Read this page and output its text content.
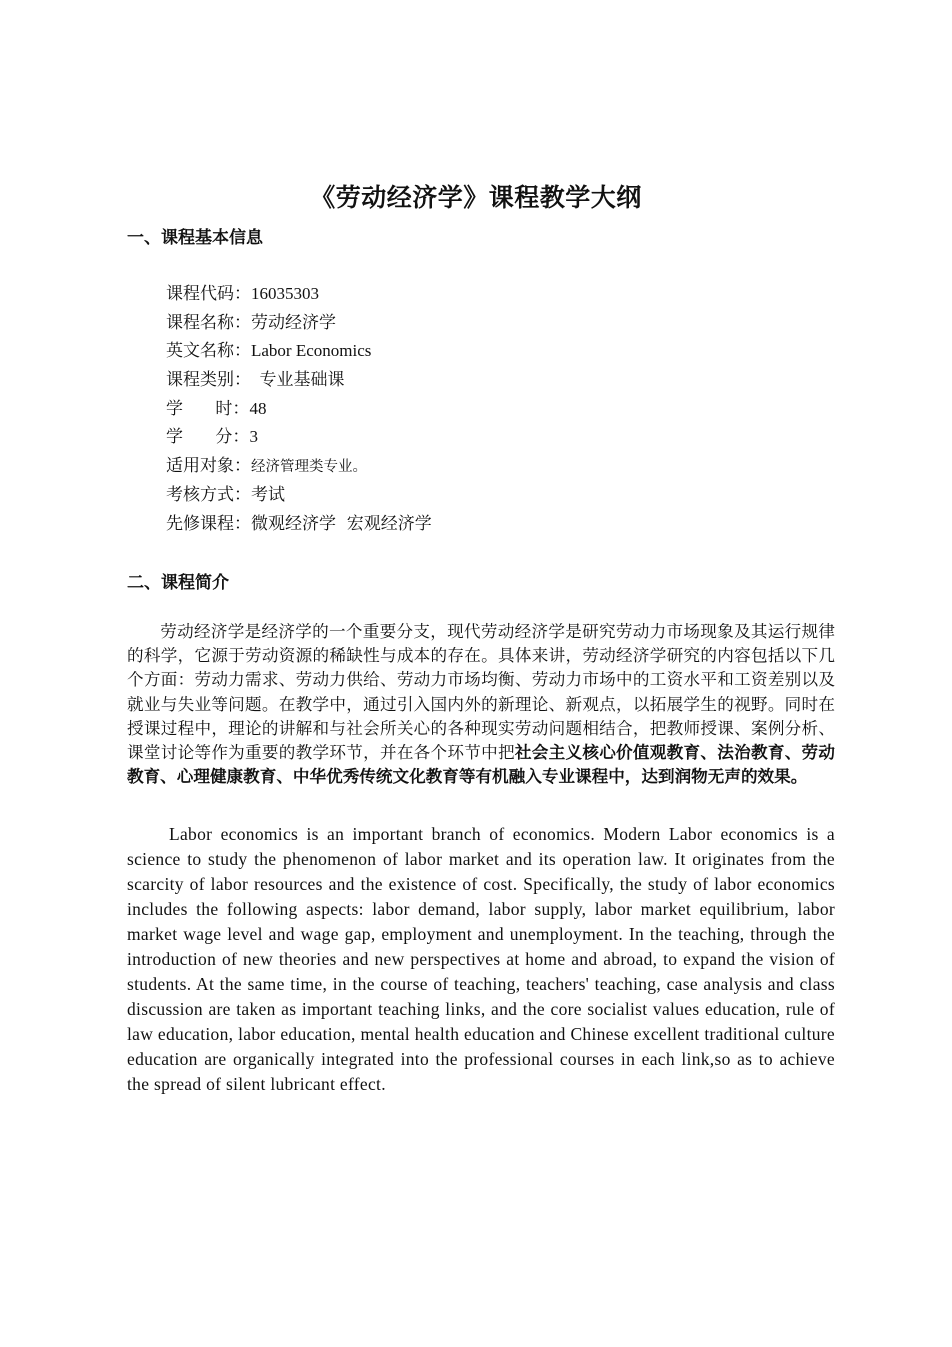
《劳动经济学》课程教学大纲
一、课程基本信息
课程代码：16035303
课程名称：劳动经济学
英文名称：Labor Economics
课程类别：  专业基础课
学      时：48
学      分：3
适用对象：经济管理类专业。
考核方式：考试
先修课程：微观经济学  宏观经济学
二、课程简介

劳动经济学是经济学的一个重要分支，现代劳动经济学是研究劳动力市场现象及其运行规律的科学，它源于劳动资源的稀缺性与成本的存在。具体来讲，劳动经济学研究的内容包括以下几个方面：劳动力需求、劳动力供给、劳动力市场均衡、劳动力市场中的工资水平和工资差别以及就业与失业等问题。在教学中，通过引入国内外的新理论、新观点，以拓展学生的视野。同时在授课过程中，理论的讲解和与社会所关心的各种现实劳动问题相结合，把教师授课、案例分析、课堂讨论等作为重要的教学环节，并在各个环节中把社会主义核心价值观教育、法治教育、劳动教育、心理健康教育、中华优秀传统文化教育等有机融入专业课程中，达到润物无声的效果。

Labor economics is an important branch of economics. Modern Labor economics is a science to study the phenomenon of labor market and its operation law. It originates from the scarcity of labor resources and the existence of cost. Specifically, the study of labor economics includes the following aspects: labor demand, labor supply, labor market equilibrium, labor market wage level and wage gap, employment and unemployment. In the teaching, through the introduction of new theories and new perspectives at home and abroad, to expand the vision of students. At the same time, in the course of teaching, teachers' teaching, case analysis and class discussion are taken as important teaching links, and the core socialist values education, rule of law education, labor education, mental health education and Chinese excellent traditional culture education are organically integrated into the professional courses in each link,so as to achieve the spread of silent lubricant effect.
